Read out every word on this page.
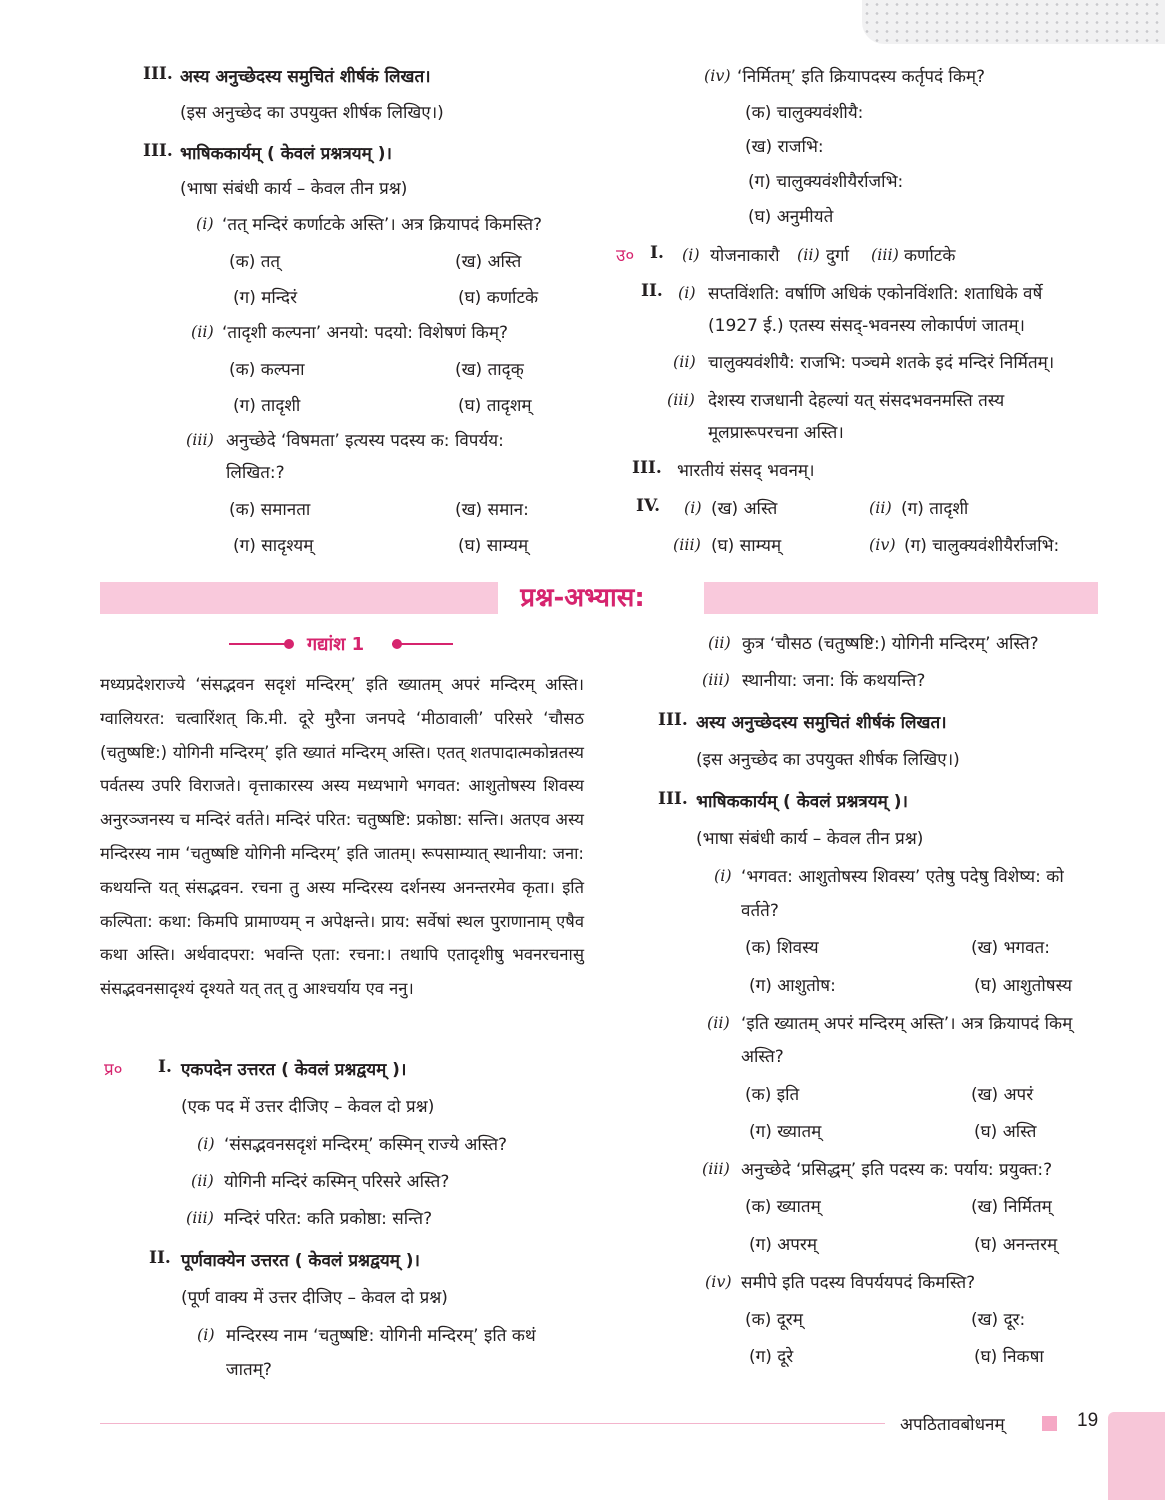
III. अस्य अनुच्छेदस्य समुचितं शीर्षकं लिखत।
(इस अनुच्छेद का उपयुक्त शीर्षक लिखिए।)
III. भाषिककार्यम् ( केवलं प्रश्नत्रयम् )।
(भाषा संबंधी कार्य – केवल तीन प्रश्न)
(i) ‘तत् मन्दिरं कर्णाटके अस्ति’। अत्र क्रियापदं किमस्ति?
(क) तत्	(ख) अस्ति
(ग) मन्दिरं	(घ) कर्णाटके
(ii) ‘तादृशी कल्पना’ अनयो: पदयो: विशेषणं किम्?
(क) कल्पना	(ख) तादृक्
(ग) तादृशी	(घ) तादृशम्
(iii) अनुच्छेदे ‘विषमता’ इत्यस्य पदस्य क: विपर्यय:
लिखित:?
(क) समानता	(ख) समान:
(ग) सादृश्यम्	(घ) साम्यम्
(iv) ‘निर्मितम्’ इति क्रियापदस्य कर्तृपदं किम्?
(क) चालुक्यवंशीयै:
(ख) राजभि:
(ग) चालुक्यवंशीयैर्राजभि:
(घ) अनुमीयते
उ० I. (i) योजनाकारौ (ii) दुर्गा (iii) कर्णाटके
II. (i) सप्तविंशति: वर्षाणि अधिकं एकोनविंशति: शताधिके वर्षे
(1927 ई.) एतस्य संसद्-भवनस्य लोकार्पणं जातम्।
(ii) चालुक्यवंशीयै: राजभि: पञ्चमे शतके इदं मन्दिरं निर्मितम्।
(iii) देशस्य राजधानी देहल्यां यत् संसदभवनमस्ति तस्य
मूलप्रारूपरचना अस्ति।
III. भारतीयं संसद् भवनम्।
IV. (i) (ख) अस्ति	(ii) (ग) तादृशी
(iii) (घ) साम्यम्	(iv) (ग) चालुक्यवंशीयैर्राजभि:
प्रश्न-अभ्यास:
गद्यांश 1
मध्यप्रदेशराज्ये ‘संसद्भवन सदृशं मन्दिरम्’ इति ख्यातम् अपरं मन्दिरम् अस्ति। ग्वालियरत: चत्वारिंशत् कि.मी. दूरे मुरैना जनपदे ‘मीठावाली’ परिसरे ‘चौसठ (चतुष्षष्टि:) योगिनी मन्दिरम्’ इति ख्यातं मन्दिरम् अस्ति। एतत् शतपादात्मकोन्नतस्य पर्वतस्य उपरि विराजते। वृत्ताकारस्य अस्य मध्यभागे भगवत: आशुतोषस्य शिवस्य अनुरञ्जनस्य च मन्दिरं वर्तते। मन्दिरं परित: चतुष्षष्टि: प्रकोष्ठा: सन्ति। अतएव अस्य मन्दिरस्य नाम ‘चतुष्षष्टि योगिनी मन्दिरम्’ इति जातम्। रूपसाम्यात् स्थानीया: जना: कथयन्ति यत् संसद्भवन. रचना तु अस्य मन्दिरस्य दर्शनस्य अनन्तरमेव कृता। इति कल्पिता: कथा: किमपि प्रामाण्यम् न अपेक्षन्ते। प्राय: सर्वेषां स्थल पुराणानाम् एषैव कथा अस्ति। अर्थवादपरा: भवन्ति एता: रचना:। तथापि एतादृशीषु भवनरचनासु संसद्भवनसादृश्यं दृश्यते यत् तत् तु आश्चर्याय एव ननु।
प्र० I. एकपदेन उत्तरत ( केवलं प्रश्नद्वयम् )।
(एक पद में उत्तर दीजिए – केवल दो प्रश्न)
(i) ‘संसद्भवनसदृशं मन्दिरम्’ कस्मिन् राज्ये अस्ति?
(ii) योगिनी मन्दिरं कस्मिन् परिसरे अस्ति?
(iii) मन्दिरं परित: कति प्रकोष्ठा: सन्ति?
II. पूर्णवाक्येन उत्तरत ( केवलं प्रश्नद्वयम् )।
(पूर्ण वाक्य में उत्तर दीजिए – केवल दो प्रश्न)
(i) मन्दिरस्य नाम ‘चतुष्षष्टि: योगिनी मन्दिरम्’ इति कथं
जातम्?
(ii) कुत्र ‘चौसठ (चतुष्षष्टि:) योगिनी मन्दिरम्’ अस्ति?
(iii) स्थानीया: जना: किं कथयन्ति?
III. अस्य अनुच्छेदस्य समुचितं शीर्षकं लिखत।
(इस अनुच्छेद का उपयुक्त शीर्षक लिखिए।)
III. भाषिककार्यम् ( केवलं प्रश्नत्रयम् )।
(भाषा संबंधी कार्य – केवल तीन प्रश्न)
(i) ‘भगवत: आशुतोषस्य शिवस्य’ एतेषु पदेषु विशेष्य: को
वर्तते?
(क) शिवस्य	(ख) भगवत:
(ग) आशुतोष:	(घ) आशुतोषस्य
(ii) ‘इति ख्यातम् अपरं मन्दिरम् अस्ति’। अत्र क्रियापदं किम्
अस्ति?
(क) इति	(ख) अपरं
(ग) ख्यातम्	(घ) अस्ति
(iii) अनुच्छेदे ‘प्रसिद्धम्’ इति पदस्य क: पर्याय: प्रयुक्त:?
(क) ख्यातम्	(ख) निर्मितम्
(ग) अपरम्	(घ) अनन्तरम्
(iv) समीपे इति पदस्य विपर्ययपदं किमस्ति?
(क) दूरम्	(ख) दूर:
(ग) दूरे	(घ) निकषा
अपठितावबोधनम्	19
